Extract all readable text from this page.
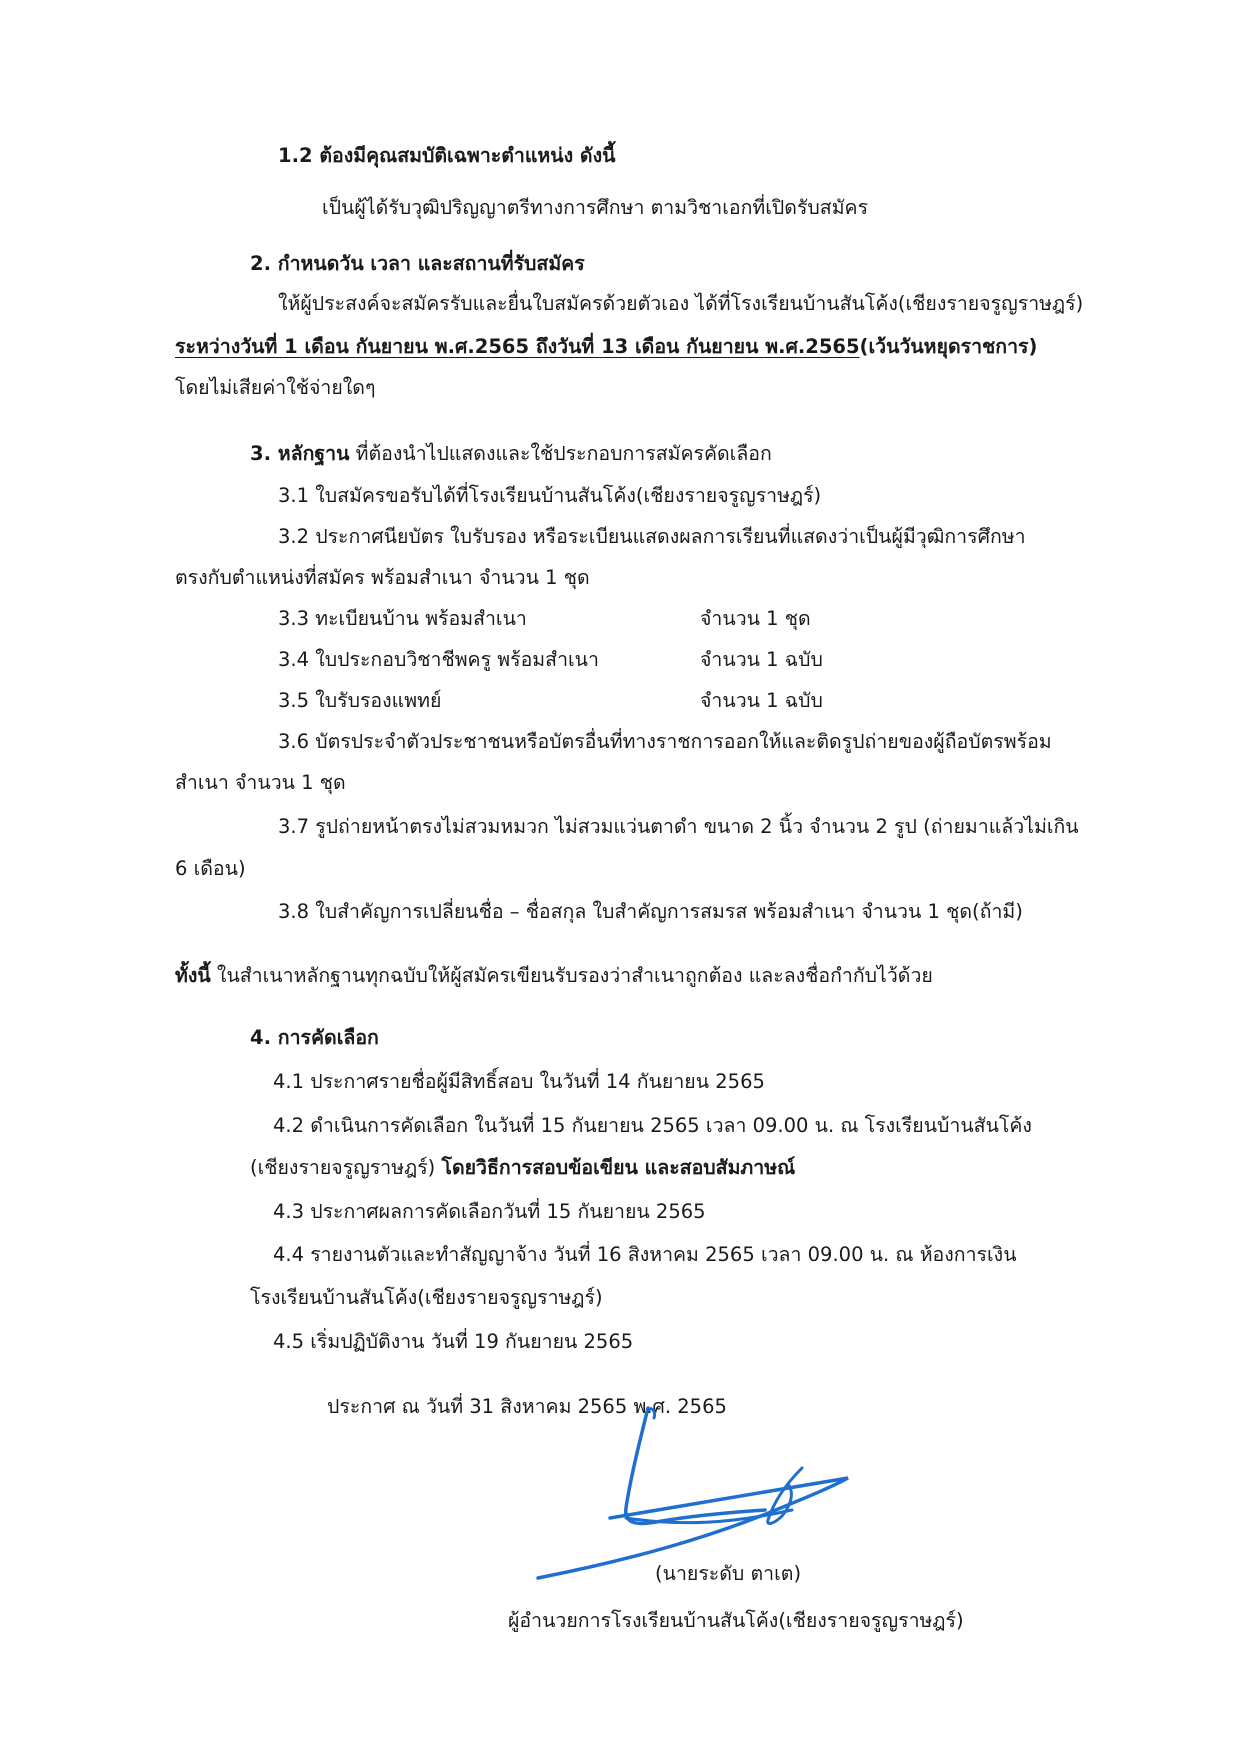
1.2 ต้องมีคุณสมบัติเฉพาะตำแหน่ง ดังนี้
เป็นผู้ได้รับวุฒิปริญญาตรีทางการศึกษา ตามวิชาเอกที่เปิดรับสมัคร
2. กำหนดวัน เวลา และสถานที่รับสมัคร
ให้ผู้ประสงค์จะสมัครรับและยื่นใบสมัครด้วยตัวเอง ได้ที่โรงเรียนบ้านสันโค้ง(เชียงรายจรูญราษฎร์)
ระหว่างวันที่ 1 เดือน กันยายน พ.ศ.2565 ถึงวันที่ 13 เดือน กันยายน พ.ศ.2565(เว้นวันหยุดราชการ)
โดยไม่เสียค่าใช้จ่ายใดๆ
3. หลักฐาน ที่ต้องนำไปแสดงและใช้ประกอบการสมัครคัดเลือก
3.1 ใบสมัครขอรับได้ที่โรงเรียนบ้านสันโค้ง(เชียงรายจรูญราษฎร์)
3.2 ประกาศนียบัตร ใบรับรอง หรือระเบียนแสดงผลการเรียนที่แสดงว่าเป็นผู้มีวุฒิการศึกษา
ตรงกับตำแหน่งที่สมัคร พร้อมสำเนา จำนวน 1 ชุด
3.3 ทะเบียนบ้าน พร้อมสำเนา	จำนวน 1 ชุด
3.4 ใบประกอบวิชาชีพครู พร้อมสำเนา	จำนวน 1 ฉบับ
3.5 ใบรับรองแพทย์	จำนวน 1 ฉบับ
3.6 บัตรประจำตัวประชาชนหรือบัตรอื่นที่ทางราชการออกให้และติดรูปถ่ายของผู้ถือบัตรพร้อม
สำเนา จำนวน 1 ชุด
3.7 รูปถ่ายหน้าตรงไม่สวมหมวก ไม่สวมแว่นตาดำ ขนาด 2 นิ้ว จำนวน 2 รูป (ถ่ายมาแล้วไม่เกิน
6 เดือน)
3.8 ใบสำคัญการเปลี่ยนชื่อ – ชื่อสกุล ใบสำคัญการสมรส พร้อมสำเนา จำนวน 1 ชุด(ถ้ามี)
ทั้งนี้ ในสำเนาหลักฐานทุกฉบับให้ผู้สมัครเขียนรับรองว่าสำเนาถูกต้อง และลงชื่อกำกับไว้ด้วย
4. การคัดเลือก
4.1 ประกาศรายชื่อผู้มีสิทธิ์สอบ ในวันที่ 14 กันยายน 2565
4.2 ดำเนินการคัดเลือก ในวันที่ 15 กันยายน 2565 เวลา 09.00 น. ณ โรงเรียนบ้านสันโค้ง
(เชียงรายจรูญราษฎร์) โดยวิธีการสอบข้อเขียน และสอบสัมภาษณ์
4.3 ประกาศผลการคัดเลือกวันที่ 15 กันยายน 2565
4.4 รายงานตัวและทำสัญญาจ้าง วันที่ 16 สิงหาคม 2565 เวลา 09.00 น. ณ ห้องการเงิน
โรงเรียนบ้านสันโค้ง(เชียงรายจรูญราษฎร์)
4.5 เริ่มปฏิบัติงาน วันที่ 19 กันยายน 2565
ประกาศ ณ วันที่ 31 สิงหาคม 2565 พ.ศ. 2565
(นายระดับ ตาเต)
ผู้อำนวยการโรงเรียนบ้านสันโค้ง(เชียงรายจรูญราษฎร์)
